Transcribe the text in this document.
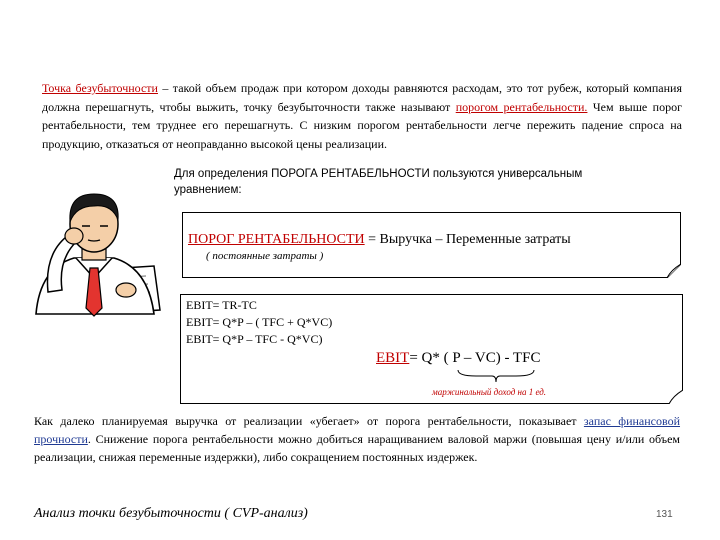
Точка безубыточности – такой объем продаж при котором доходы равняются расходам, это тот рубеж, который компания должна перешагнуть, чтобы выжить, точку безубыточности также называют порогом рентабельности. Чем выше порог рентабельности, тем труднее его перешагнуть. С низким порогом рентабельности легче пережить падение спроса на продукцию, отказаться от неоправданно высокой цены реализации.

Для определения ПОРОГА РЕНТАБЕЛЬНОСТИ пользуются универсальным уравнением:
ПОРОГ РЕНТАБЕЛЬНОСТИ = Выручка – Переменные затраты
( постоянные затраты )
EBIT= TR-TC
EBIT= Q*P – ( TFC + Q*VC)
EBIT= Q*P – TFC - Q*VC)
EBIT= Q* ( P – VC) - TFC
маржинальный доход на 1 ед.
Как далеко планируемая выручка от реализации «убегает» от порога рентабельности, показывает запас финансовой прочности. Снижение порога рентабельности можно добиться наращиванием валовой маржи (повышая цену и/или объем реализации, снижая переменные издержки), либо сокращением постоянных издержек.
Анализ точки безубыточности ( CVP-анализ)	131
